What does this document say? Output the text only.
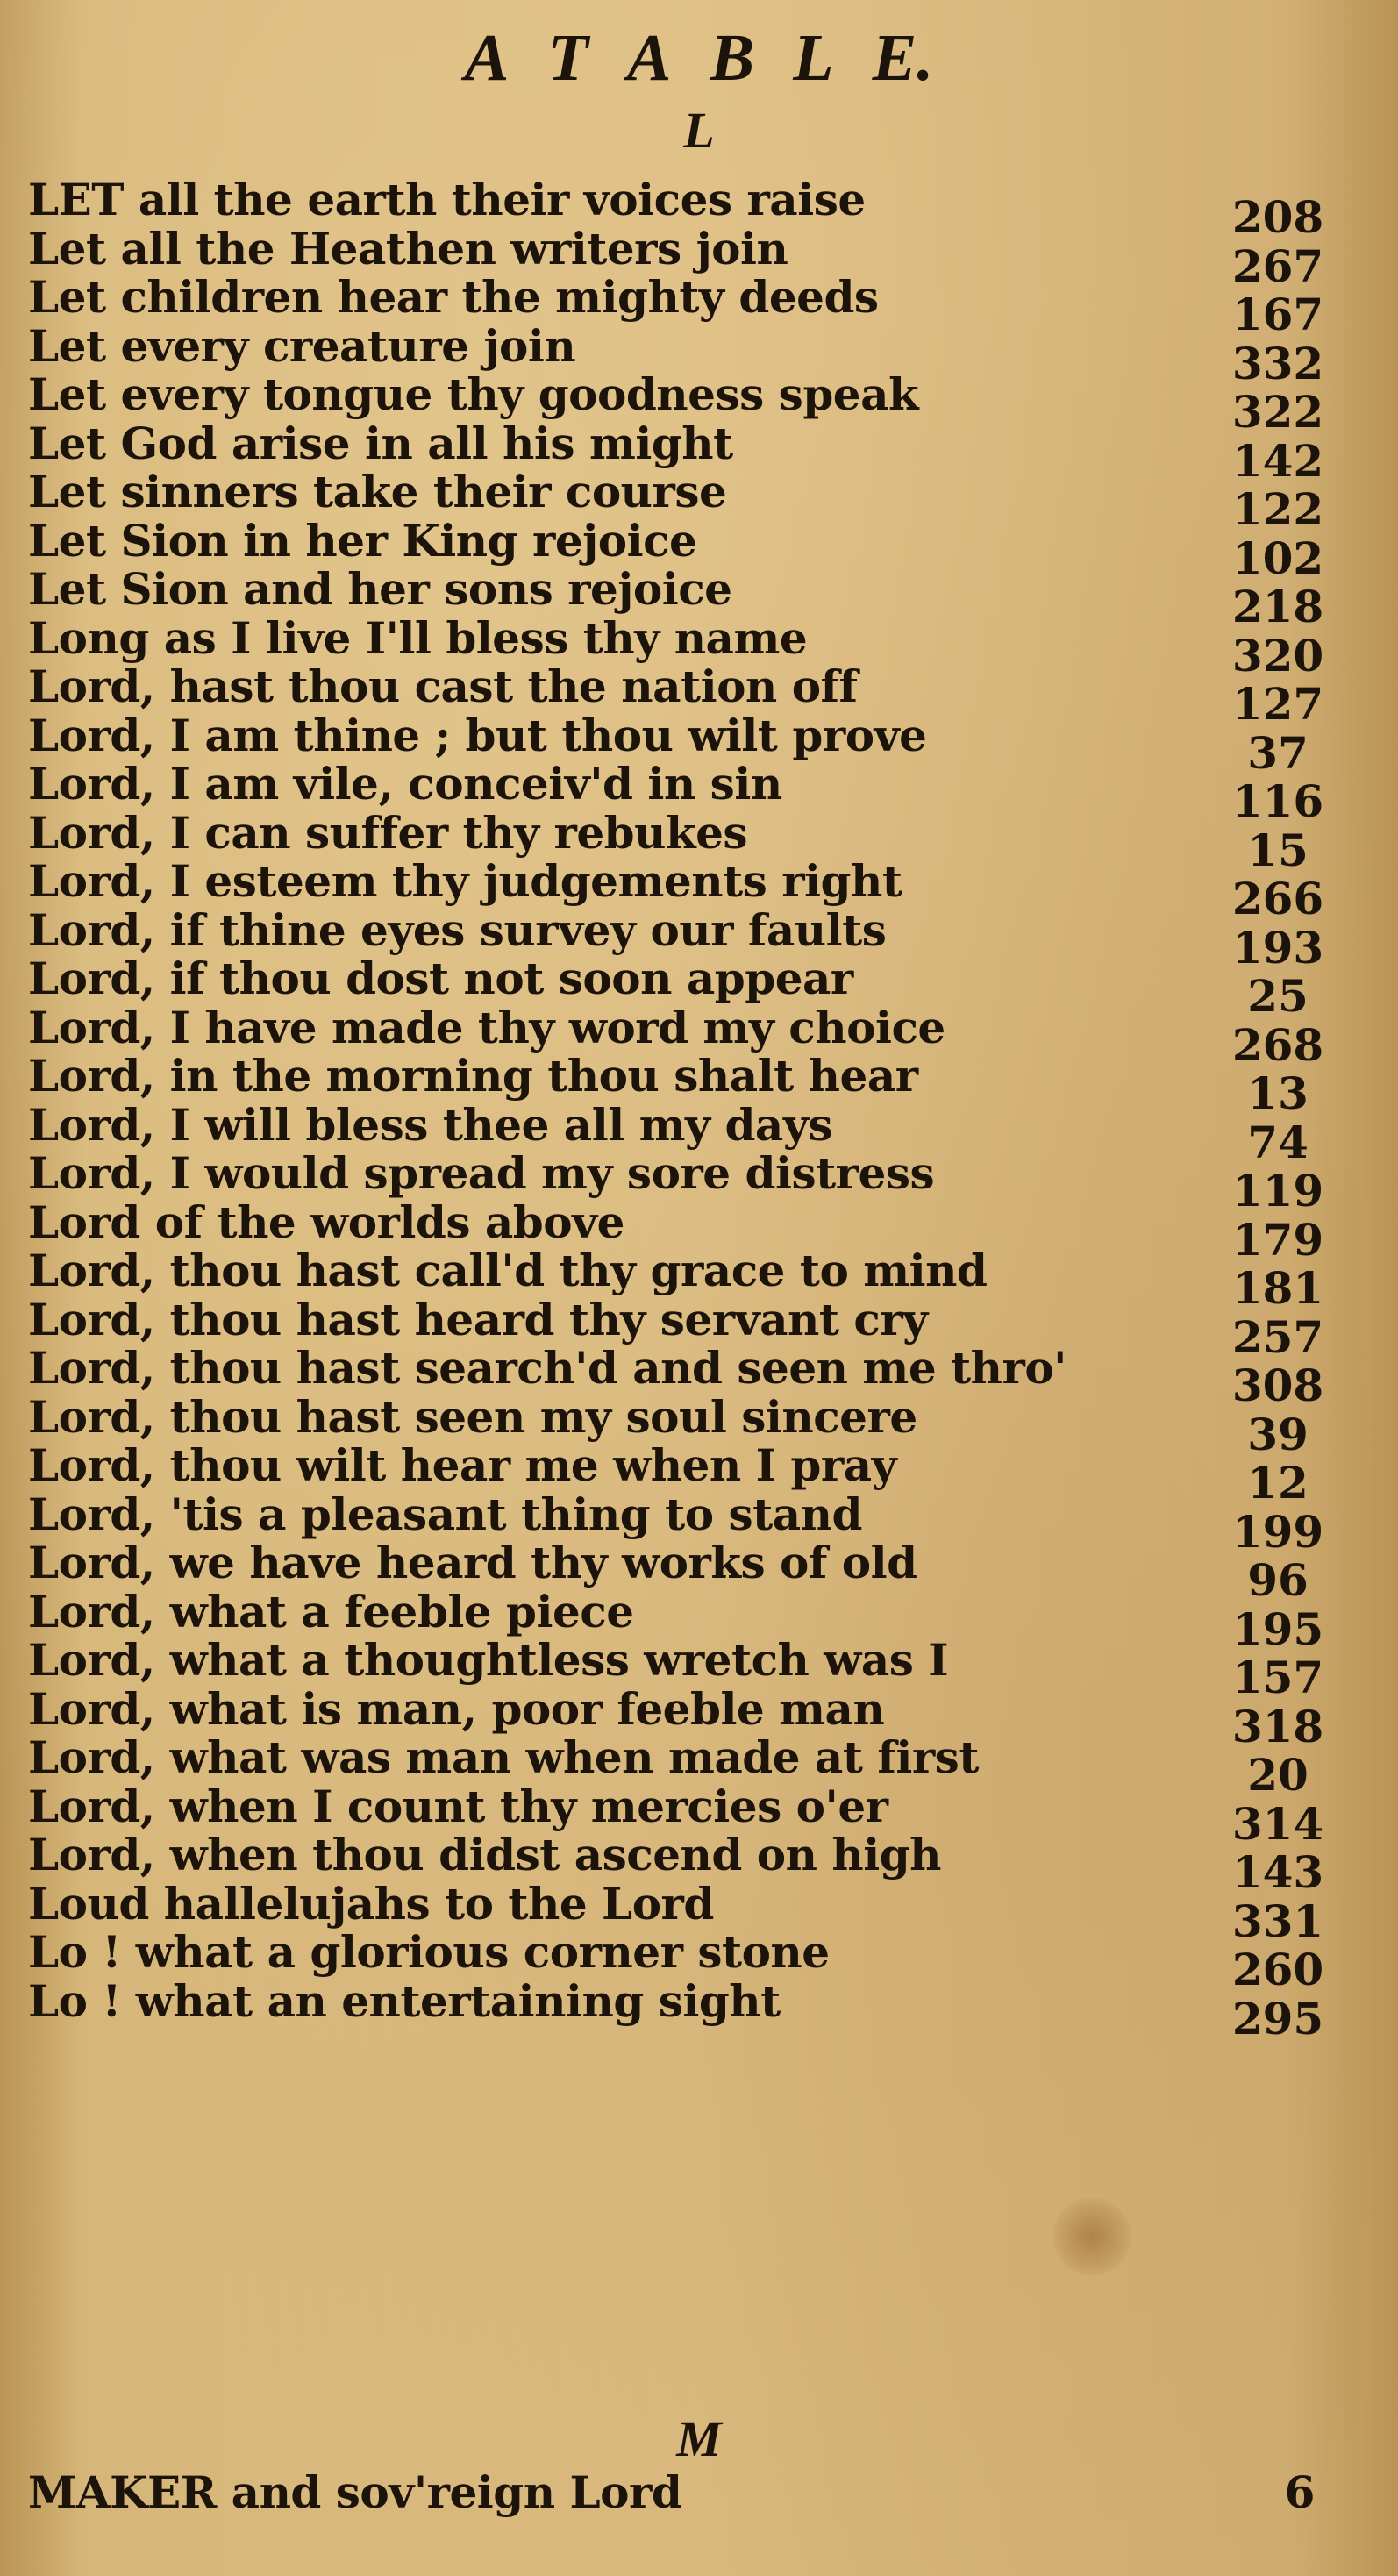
A T A B L E.
L
LET all the earth their voices raise	208
Let all the Heathen writers join	267
Let children hear the mighty deeds	167
Let every creature join	332
Let every tongue thy goodness speak	322
Let God arise in all his might	142
Let sinners take their course	122
Let Sion in her King rejoice	102
Let Sion and her sons rejoice	218
Long as I live I'll bless thy name	320
Lord, hast thou cast the nation off	127
Lord, I am thine ; but thou wilt prove	37
Lord, I am vile, conceiv'd in sin	116
Lord, I can suffer thy rebukes	15
Lord, I esteem thy judgements right	266
Lord, if thine eyes survey our faults	193
Lord, if thou dost not soon appear	25
Lord, I have made thy word my choice	268
Lord, in the morning thou shalt hear	13
Lord, I will bless thee all my days	74
Lord, I would spread my sore distress	119
Lord of the worlds above	179
Lord, thou hast call'd thy grace to mind	181
Lord, thou hast heard thy servant cry	257
Lord, thou hast search'd and seen me thro'	308
Lord, thou hast seen my soul sincere	39
Lord, thou wilt hear me when I pray	12
Lord, 'tis a pleasant thing to stand	199
Lord, we have heard thy works of old	96
Lord, what a feeble piece	195
Lord, what a thoughtless wretch was I	157
Lord, what is man, poor feeble man	318
Lord, what was man when made at first	20
Lord, when I count thy mercies o'er	314
Lord, when thou didst ascend on high	143
Loud hallelujahs to the Lord	331
Lo ! what a glorious corner stone	260
Lo ! what an entertaining sight	295
M
MAKER and sov'reign Lord	6
